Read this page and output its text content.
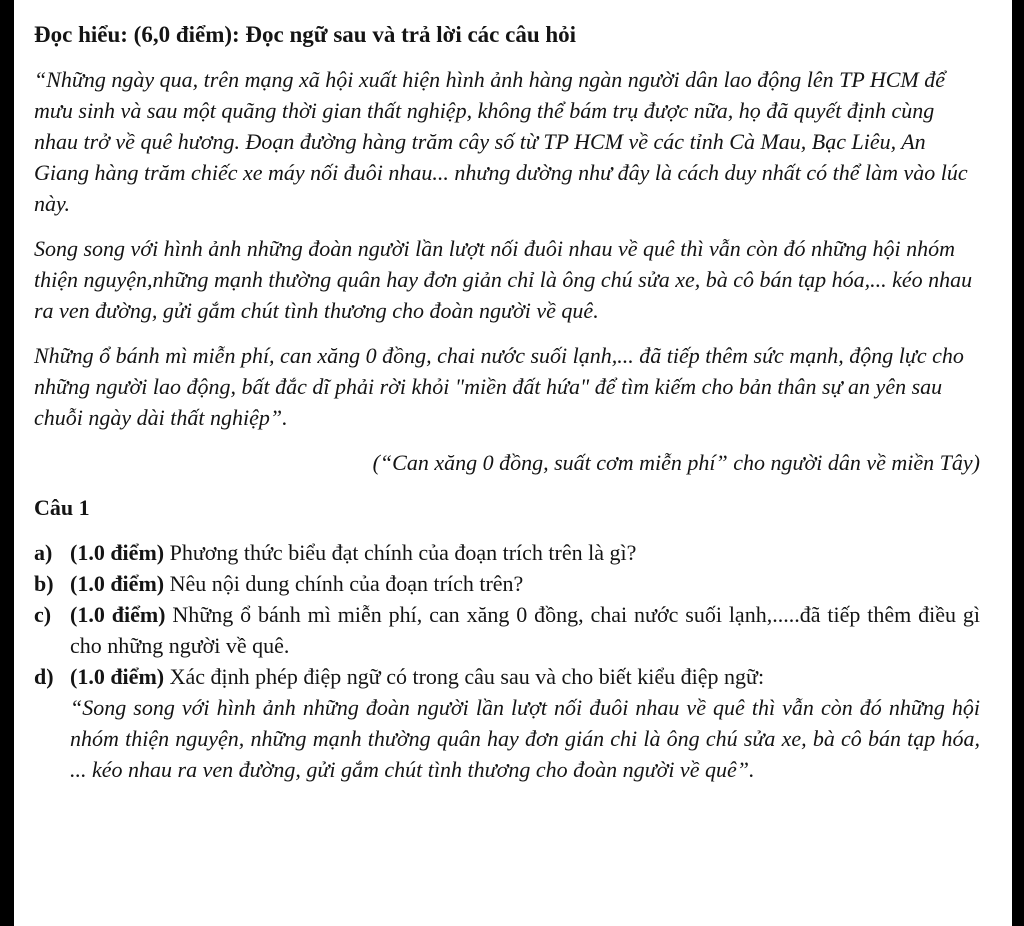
Đọc hiểu: (6,0 điểm): Đọc ngữ sau và trả lời các câu hỏi

“Những ngày qua, trên mạng xã hội xuất hiện hình ảnh hàng ngàn người dân lao động lên TP HCM để mưu sinh và sau một quãng thời gian thất nghiệp, không thể bám trụ được nữa, họ đã quyết định cùng nhau trở về quê hương. Đoạn đường hàng trăm cây số từ TP HCM về các tỉnh Cà Mau, Bạc Liêu, An Giang hàng trăm chiếc xe máy nối đuôi nhau... nhưng dường như đây là cách duy nhất có thể làm vào lúc này.

Song song với hình ảnh những đoàn người lần lượt nối đuôi nhau về quê thì vẫn còn đó những hội nhóm thiện nguyện,những mạnh thường quân hay đơn giản chỉ là ông chú sửa xe, bà cô bán tạp hóa,... kéo nhau ra ven đường, gửi gắm chút tình thương cho đoàn người về quê.

Những ổ bánh mì miễn phí, can xăng 0 đồng, chai nước suối lạnh,... đã tiếp thêm sức mạnh, động lực cho những người lao động, bất đắc dĩ phải rời khỏi "miền đất hứa" để tìm kiếm cho bản thân sự an yên sau chuỗi ngày dài thất nghiệp”.

(“Can xăng 0 đồng, suất cơm miễn phí” cho người dân về miền Tây)

Câu 1
a) (1.0 điểm) Phương thức biểu đạt chính của đoạn trích trên là gì?
b) (1.0 điểm) Nêu nội dung chính của đoạn trích trên?
c) (1.0 điểm) Những ổ bánh mì miễn phí, can xăng 0 đồng, chai nước suối lạnh,.....đã tiếp thêm điều gì cho những người về quê.
d) (1.0 điểm) Xác định phép điệp ngữ có trong câu sau và cho biết kiểu điệp ngữ:
“Song song với hình ảnh những đoàn người lần lượt nối đuôi nhau về quê thì vẫn còn đó những hội nhóm thiện nguyện, những mạnh thường quân hay đơn gián chi là ông chú sửa xe, bà cô bán tạp hóa, ... kéo nhau ra ven đường, gửi gắm chút tình thương cho đoàn người về quê”.
